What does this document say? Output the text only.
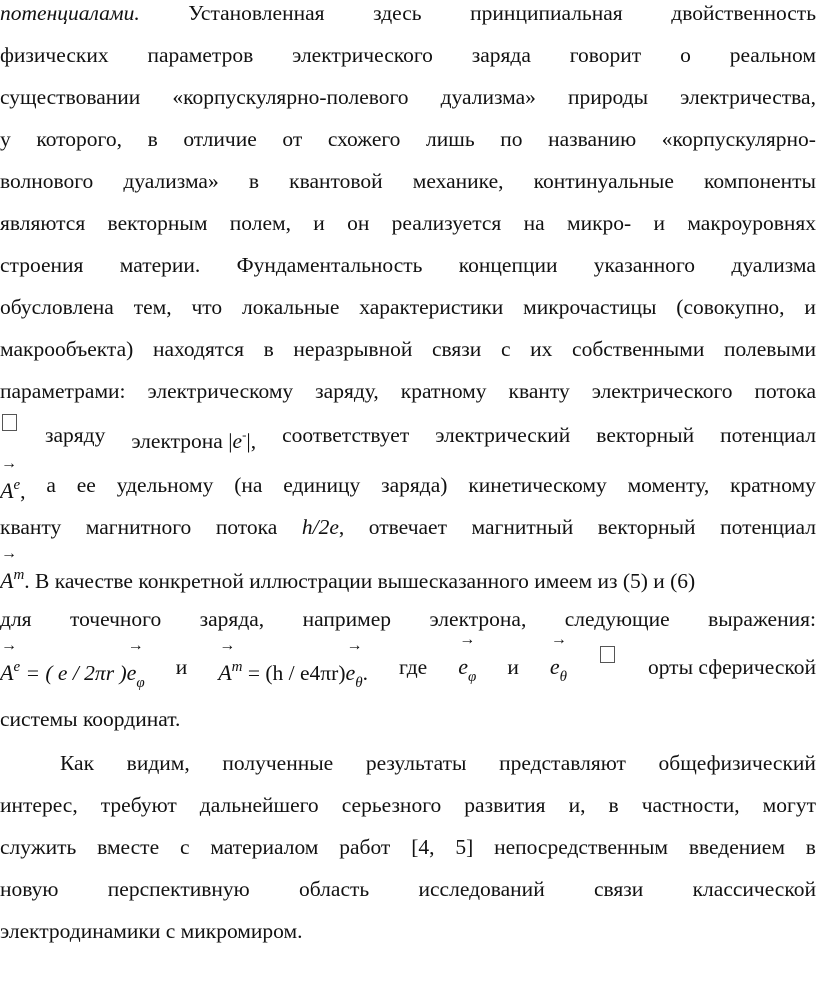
потенциалами. Установленная здесь принципиальная двойственность
физических параметров электрического заряда говорит о реальном
существовании «корпускулярно-полевого дуализма» природы электричества,
у которого, в отличие от схожего лишь по названию «корпускулярно-
волнового дуализма» в квантовой механике, континуальные компоненты
являются векторным полем, и он реализуется на микро- и макроуровнях
строения материи. Фундаментальность концепции указанного дуализма
обусловлена тем, что локальные характеристики микрочастицы (совокупно, и
макрообъекта) находятся в неразрывной связи с их собственными полевыми
параметрами: электрическому заряду, кратному кванту электрического потока
заряду электрона |e-|, соответствует электрический векторный потенциал
→ $A^e$, а ее удельному (на единицу заряда) кинетическому моменту, кратному
кванту магнитного потока h/2e, отвечает магнитный векторный потенциал
→ $A^m$. В качестве конкретной иллюстрации вышесказанного имеем из (5) и (6)
для точечного заряда, например электрона, следующие выражения:
→ $A^e$ = ( e / 2πr )→ $e_\varphi$
и
→ $A^m = (h / e4\pi r)\to e_\theta$. где
→ $e_\varphi$ и
→ $e_\theta$	орты сферической
системы координат.
Как видим, полученные результаты представляют общефизический
интерес, требуют дальнейшего серьезного развития и, в частности, могут
служить вместе с материалом работ [4, 5] непосредственным введением в
новую перспективную область исследований связи классической
электродинамики с микромиром.
